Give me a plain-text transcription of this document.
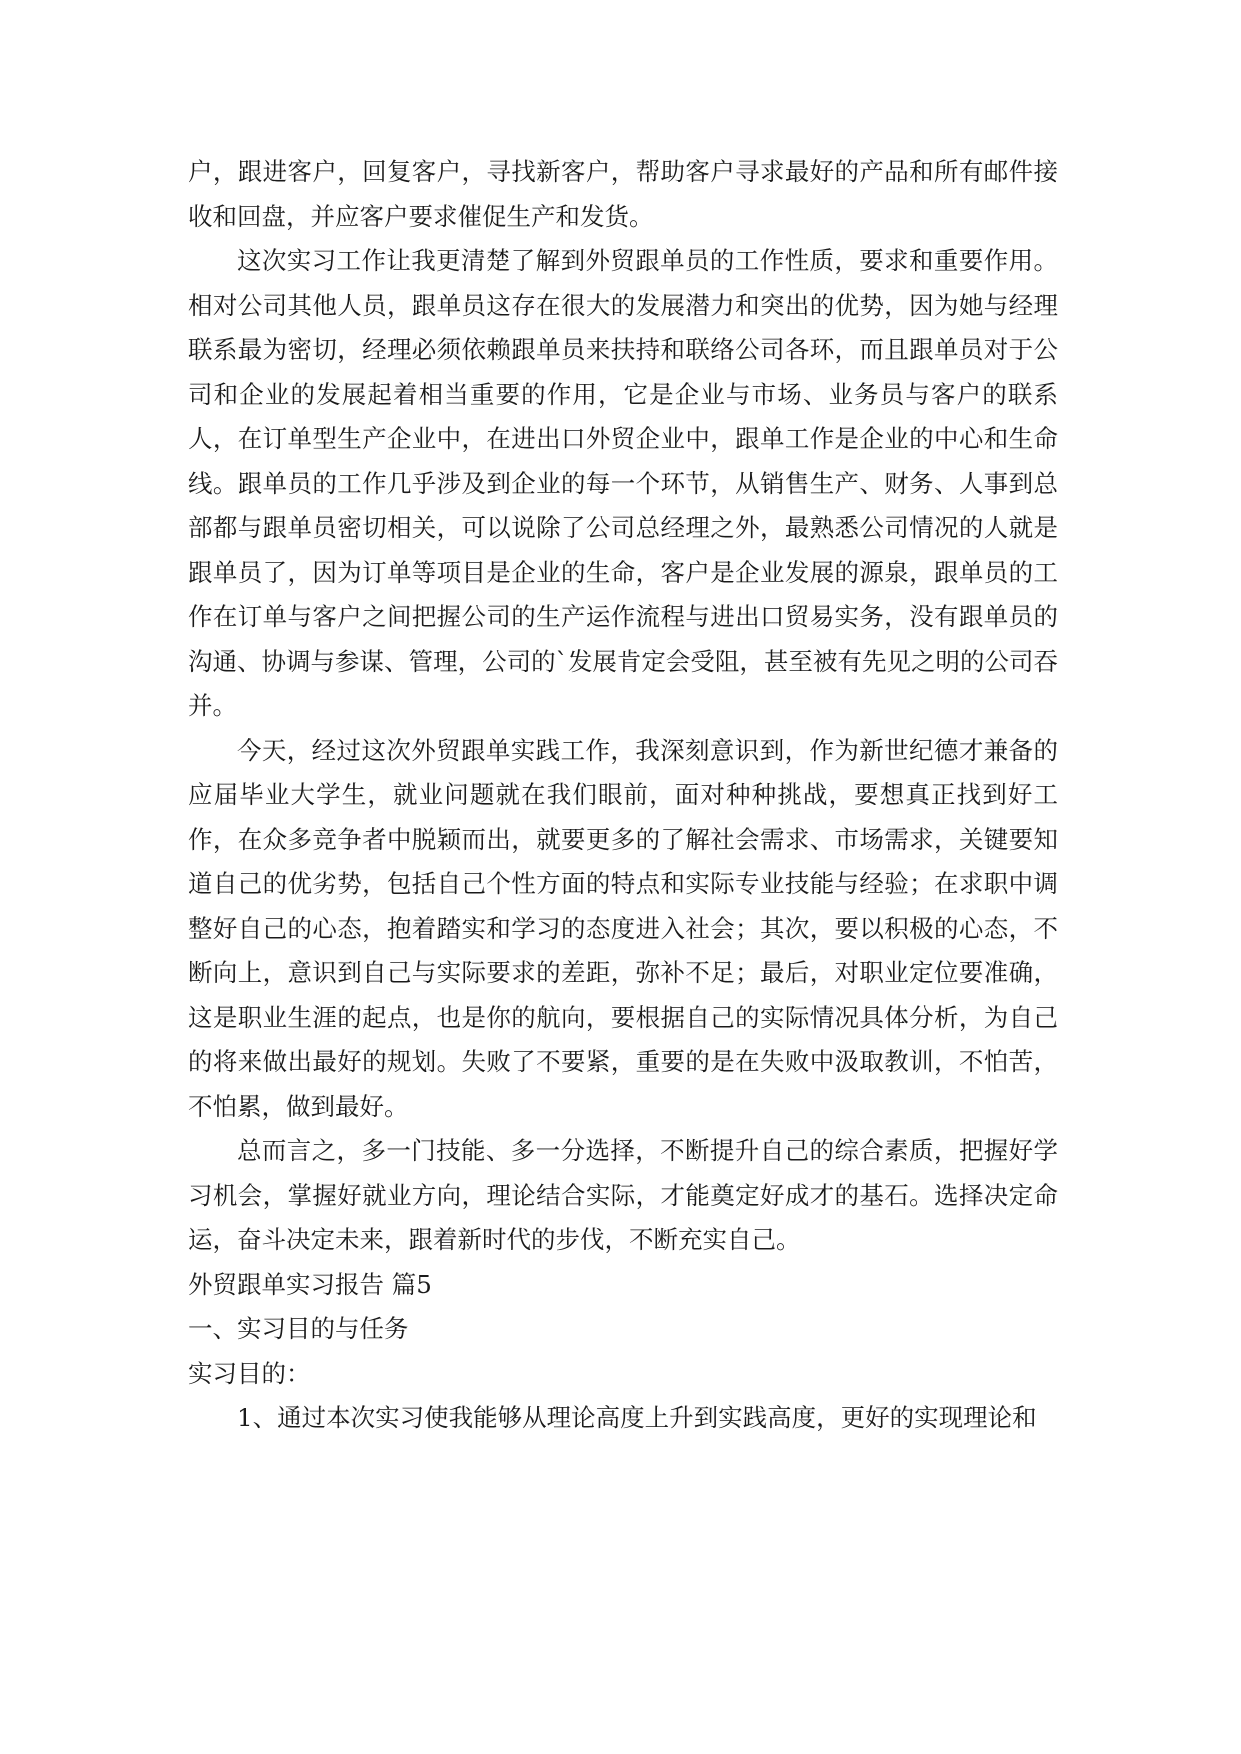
户，跟进客户，回复客户，寻找新客户，帮助客户寻求最好的产品和所有邮件接收和回盘，并应客户要求催促生产和发货。

这次实习工作让我更清楚了解到外贸跟单员的工作性质，要求和重要作用。相对公司其他人员，跟单员这存在很大的发展潜力和突出的优势，因为她与经理联系最为密切，经理必须依赖跟单员来扶持和联络公司各环，而且跟单员对于公司和企业的发展起着相当重要的作用，它是企业与市场、业务员与客户的联系人，在订单型生产企业中，在进出口外贸企业中，跟单工作是企业的中心和生命线。跟单员的工作几乎涉及到企业的每一个环节，从销售生产、财务、人事到总部都与跟单员密切相关，可以说除了公司总经理之外，最熟悉公司情况的人就是跟单员了，因为订单等项目是企业的生命，客户是企业发展的源泉，跟单员的工作在订单与客户之间把握公司的生产运作流程与进出口贸易实务，没有跟单员的沟通、协调与参谋、管理，公司的`发展肯定会受阻，甚至被有先见之明的公司吞并。

今天，经过这次外贸跟单实践工作，我深刻意识到，作为新世纪德才兼备的应届毕业大学生，就业问题就在我们眼前，面对种种挑战，要想真正找到好工作，在众多竞争者中脱颖而出，就要更多的了解社会需求、市场需求，关键要知道自己的优劣势，包括自己个性方面的特点和实际专业技能与经验；在求职中调整好自己的心态，抱着踏实和学习的态度进入社会；其次，要以积极的心态，不断向上，意识到自己与实际要求的差距，弥补不足；最后，对职业定位要准确，这是职业生涯的起点，也是你的航向，要根据自己的实际情况具体分析，为自己的将来做出最好的规划。失败了不要紧，重要的是在失败中汲取教训，不怕苦，不怕累，做到最好。

总而言之，多一门技能、多一分选择，不断提升自己的综合素质，把握好学习机会，掌握好就业方向，理论结合实际，才能奠定好成才的基石。选择决定命运，奋斗决定未来，跟着新时代的步伐，不断充实自己。

外贸跟单实习报告 篇5

一、实习目的与任务

实习目的：

1、通过本次实习使我能够从理论高度上升到实践高度，更好的实现理论和
